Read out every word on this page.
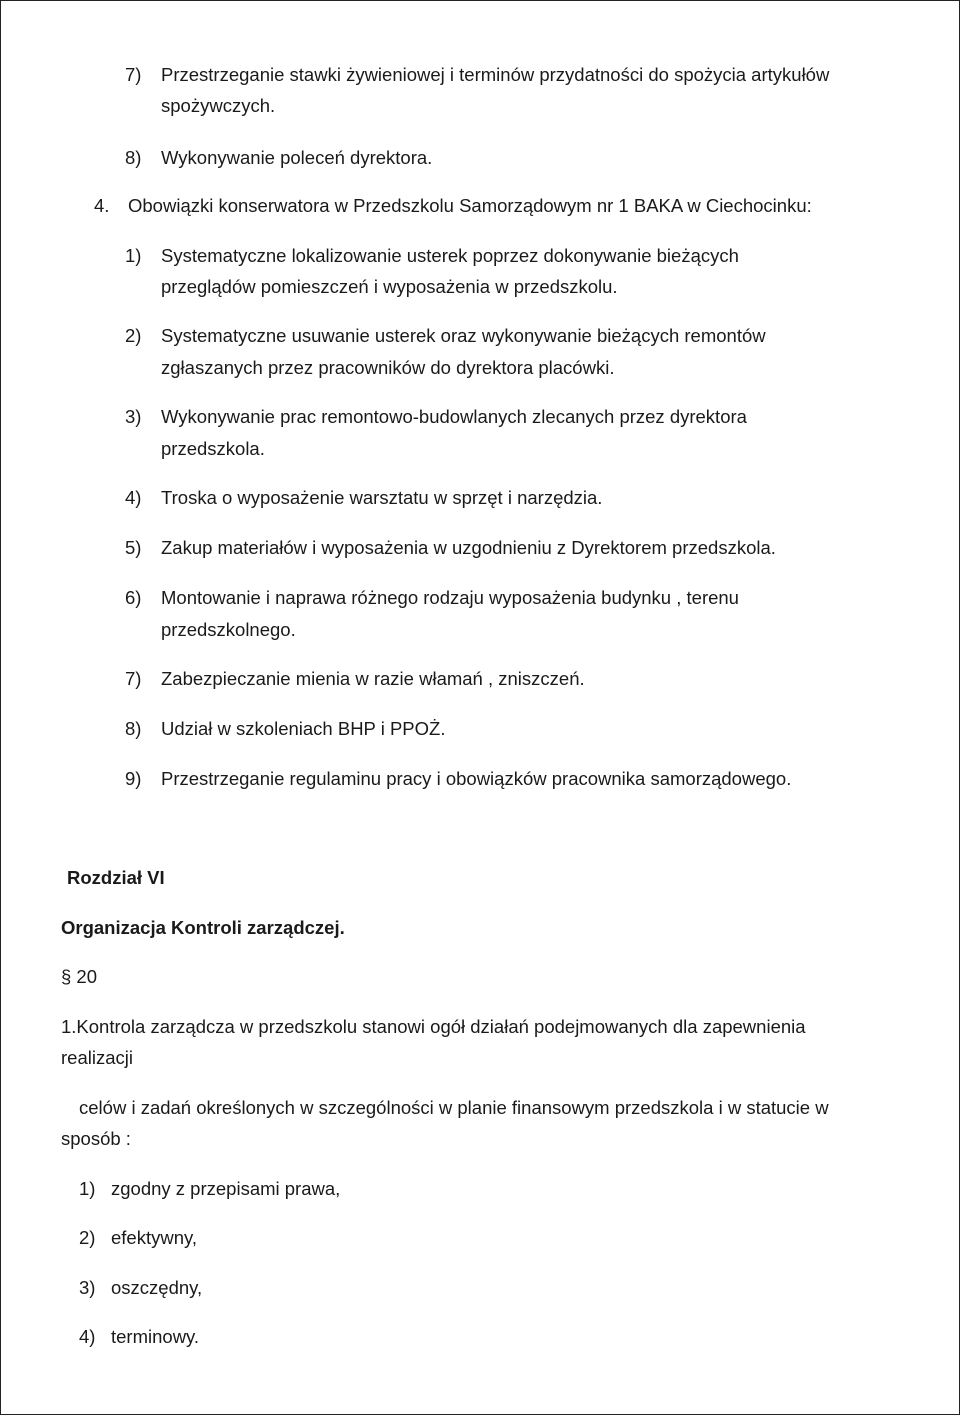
7) Przestrzeganie stawki żywieniowej i terminów przydatności do spożycia artykułów
spożywczych.
8) Wykonywanie poleceń dyrektora.
4. Obowiązki konserwatora w Przedszkolu Samorządowym nr 1 BAKA w Ciechocinku:
1) Systematyczne lokalizowanie usterek poprzez dokonywanie bieżących
przeglądów pomieszczeń i wyposażenia w przedszkolu.
2) Systematyczne usuwanie usterek oraz wykonywanie bieżących remontów
zgłaszanych przez pracowników do dyrektora placówki.
3) Wykonywanie prac remontowo-budowlanych zlecanych przez dyrektora
przedszkola.
4) Troska o wyposażenie warsztatu w sprzęt i narzędzia.
5) Zakup materiałów i wyposażenia w uzgodnieniu z Dyrektorem przedszkola.
6) Montowanie i naprawa różnego rodzaju wyposażenia budynku , terenu
przedszkolnego.
7) Zabezpieczanie mienia w razie włamań , zniszczeń.
8) Udział w szkoleniach BHP i PPOŻ.
9) Przestrzeganie regulaminu pracy i obowiązków pracownika samorządowego.
Rozdział VI
Organizacja Kontroli zarządczej.
§ 20
1.Kontrola zarządcza w przedszkolu stanowi ogół działań podejmowanych dla zapewnienia
realizacji
celów i zadań określonych w szczególności w planie finansowym przedszkola i w statucie w
sposób :
1) zgodny z przepisami prawa,
2) efektywny,
3) oszczędny,
4) terminowy.
